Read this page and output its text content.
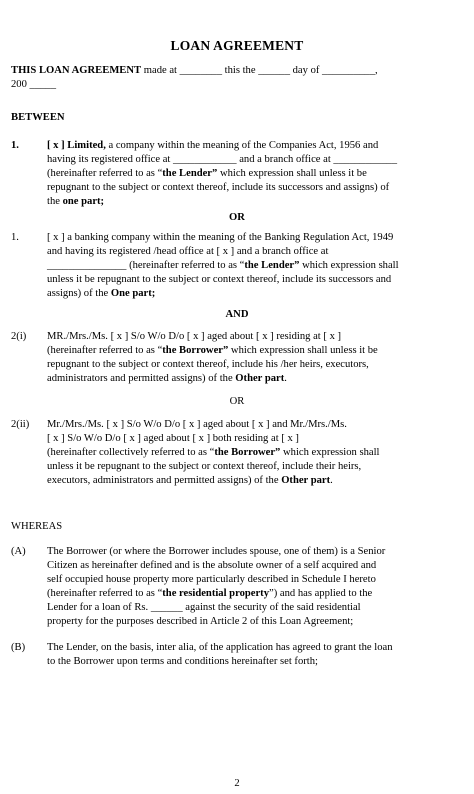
LOAN AGREEMENT
THIS LOAN AGREEMENT made at ________ this the ______ day of __________,
200 _____
BETWEEN
1.	[ x ] Limited, a company within the meaning of the Companies Act, 1956 and
having its registered office at ____________ and a branch office at ____________
(hereinafter referred to as “the Lender” which expression shall unless it be
repugnant to the subject or context thereof, include its successors and assigns) of
the one part;
OR
1.	[ x ] a banking company within the meaning of the Banking Regulation Act, 1949
and having its registered /head office at [ x ] and a branch office at
_______________ (hereinafter referred to as “the Lender” which expression shall
unless it be repugnant to the subject or context thereof, include its successors and
assigns) of the One part;
AND
2(i) MR./Mrs./Ms. [ x ] S/o W/o D/o [ x ] aged about [ x ] residing at [ x ]
(hereinafter referred to as “the Borrower” which expression shall unless it be
repugnant to the subject or context thereof, include his /her heirs, executors,
administrators and permitted assigns) of the Other part.
OR
2(ii) Mr./Mrs./Ms. [ x ] S/o W/o D/o [ x ] aged about [ x ] and Mr./Mrs./Ms.
[ x ] S/o W/o D/o [ x ] aged about [ x ] both residing at [ x ]
(hereinafter collectively referred to as “the Borrower” which expression shall
unless it be repugnant to the subject or context thereof, include their heirs,
executors, administrators and permitted assigns) of the Other part.
WHEREAS
(A) The Borrower (or where the Borrower includes spouse, one of them) is a Senior
Citizen as hereinafter defined and is the absolute owner of a self acquired and
self occupied house property more particularly described in Schedule I hereto
(hereinafter referred to as “the residential property”) and has applied to the
Lender for a loan of Rs. ______ against the security of the said residential
property for the purposes described in Article 2 of this Loan Agreement;
(B) The Lender, on the basis, inter alia, of the application has agreed to grant the loan
to the Borrower upon terms and conditions hereinafter set forth;
2
